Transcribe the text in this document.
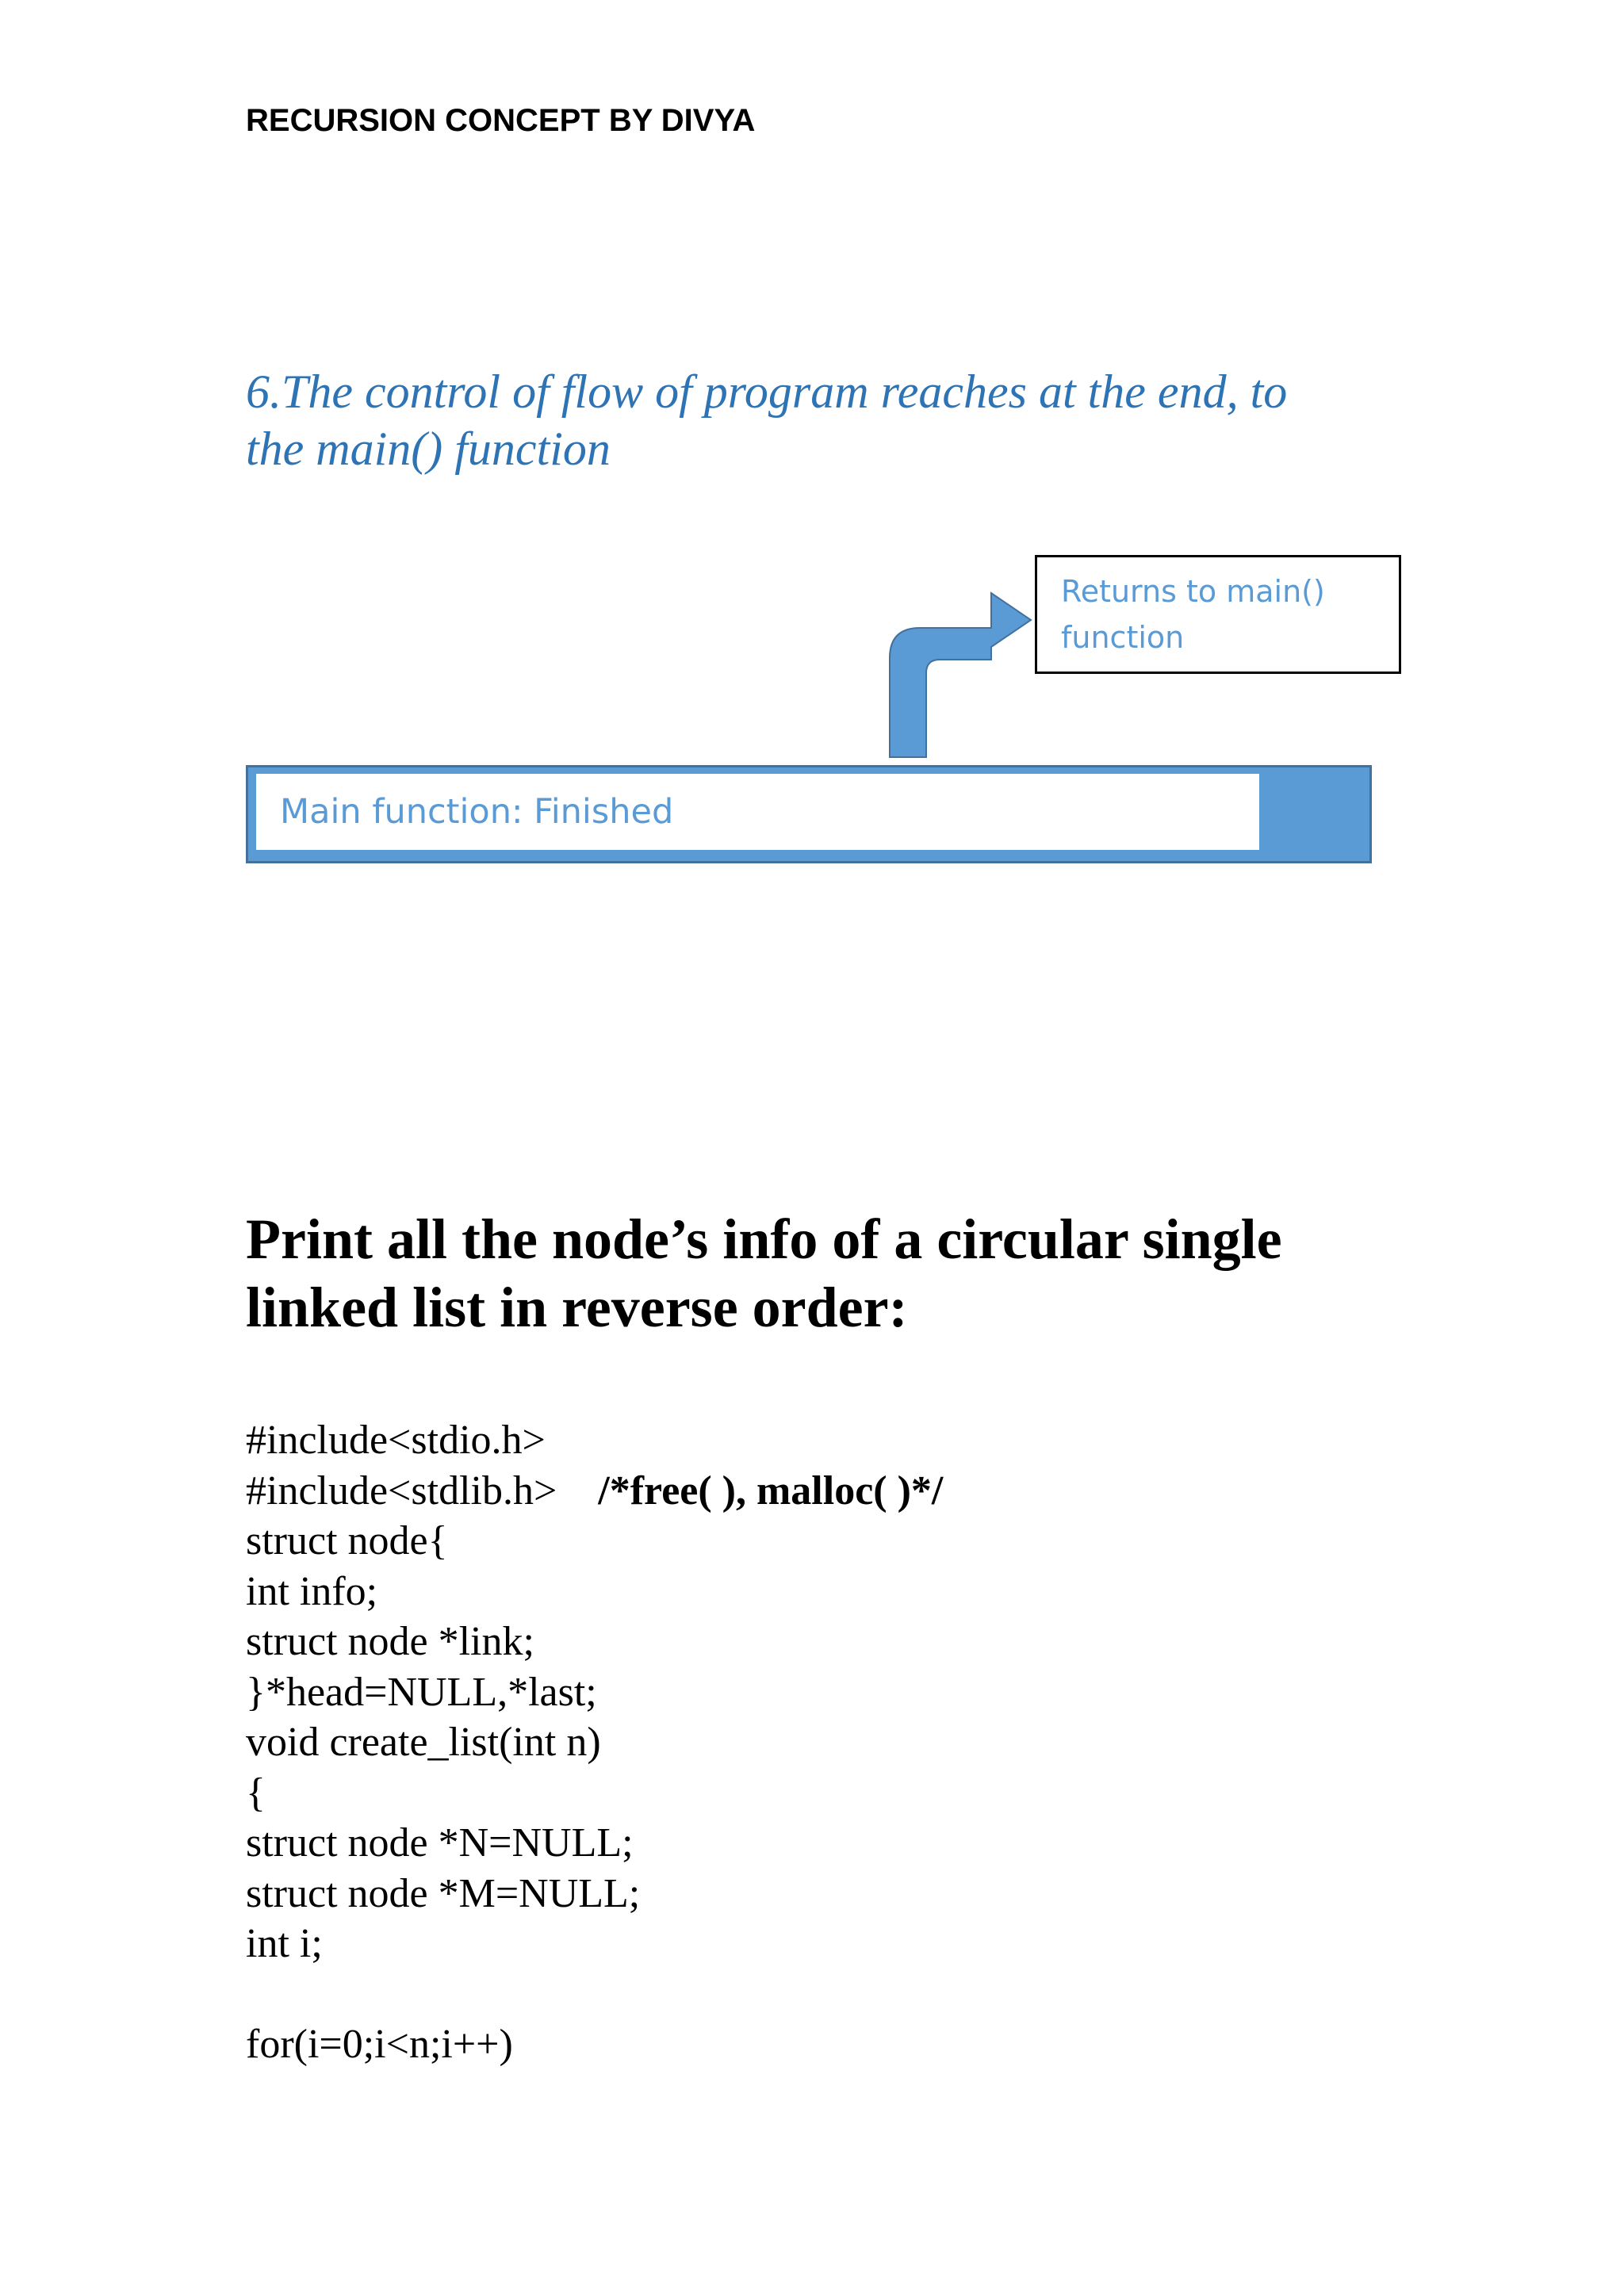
RECURSION CONCEPT BY DIVYA
6.The control of flow of program reaches at the end, to
the main() function
Returns to main()
function
Main function: Finished
Print all the node’s info of a circular single
linked list in reverse order:
#include<stdio.h>
#include<stdlib.h> /*free( ), malloc( )*/
struct node{
int info;
struct node *link;
}*head=NULL,*last;
void create_list(int n)
{
struct node *N=NULL;
struct node *M=NULL;
int i;
for(i=0;i<n;i++)
